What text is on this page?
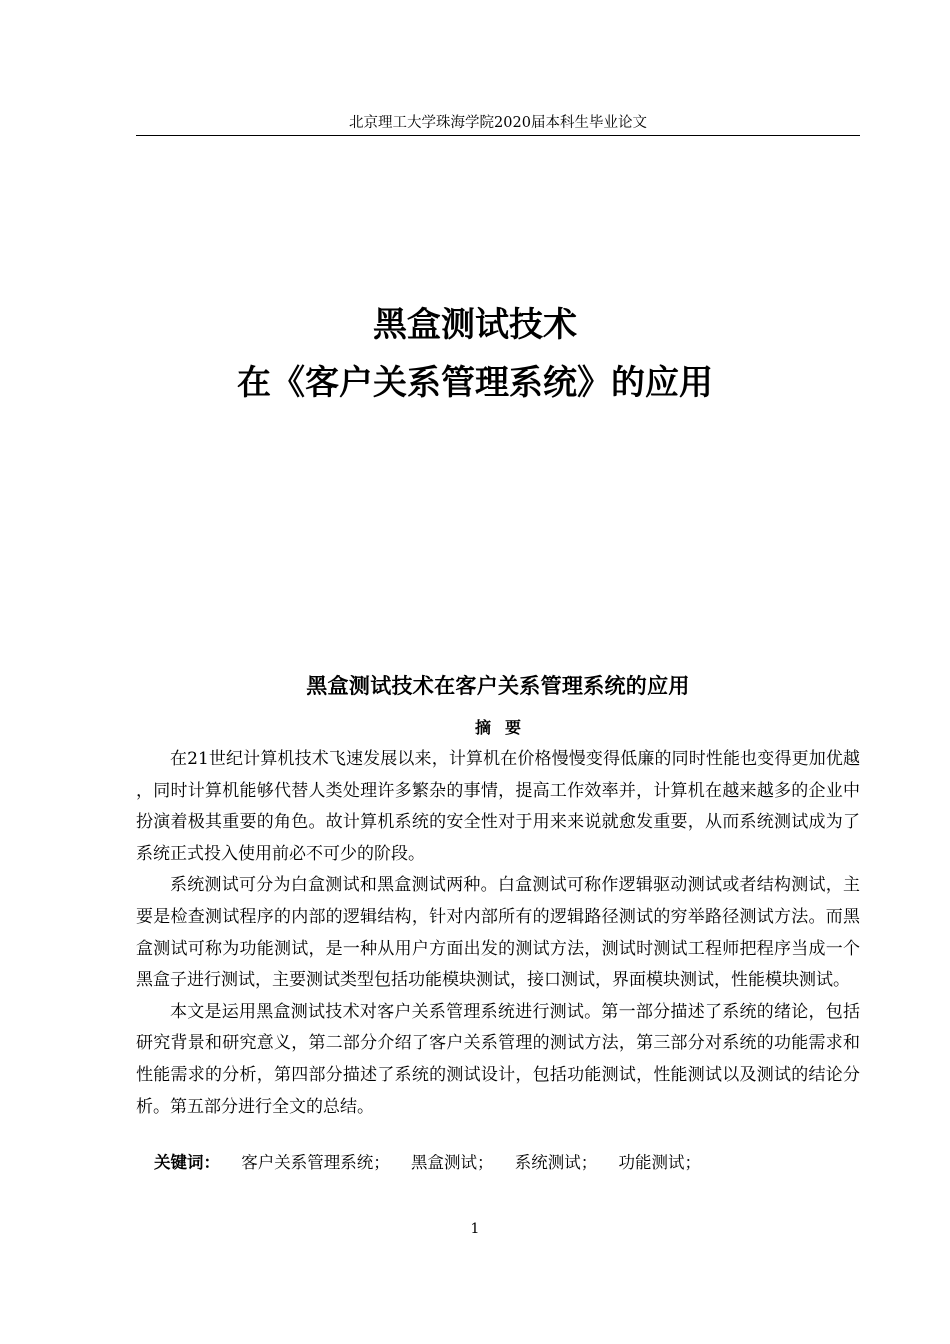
北京理工大学珠海学院2020届本科生毕业论文
黑盒测试技术
在《客户关系管理系统》的应用
黑盒测试技术在客户关系管理系统的应用
摘要

在21世纪计算机技术飞速发展以来，计算机在价格慢慢变得低廉的同时性能也变得更加优越，同时计算机能够代替人类处理许多繁杂的事情，提高工作效率并，计算机在越来越多的企业中扮演着极其重要的角色。故计算机系统的安全性对于用来来说就愈发重要，从而系统测试成为了系统正式投入使用前必不可少的阶段。

系统测试可分为白盒测试和黑盒测试两种。白盒测试可称作逻辑驱动测试或者结构测试，主要是检查测试程序的内部的逻辑结构，针对内部所有的逻辑路径测试的穷举路径测试方法。而黑盒测试可称为功能测试，是一种从用户方面出发的测试方法，测试时测试工程师把程序当成一个黑盒子进行测试，主要测试类型包括功能模块测试，接口测试，界面模块测试，性能模块测试。

本文是运用黑盒测试技术对客户关系管理系统进行测试。第一部分描述了系统的绪论，包括研究背景和研究意义，第二部分介绍了客户关系管理的测试方法，第三部分对系统的功能需求和性能需求的分析，第四部分描述了系统的测试设计，包括功能测试，性能测试以及测试的结论分析。第五部分进行全文的总结。

关键词： 客户关系管理系统； 黑盒测试； 系统测试； 功能测试；
1
